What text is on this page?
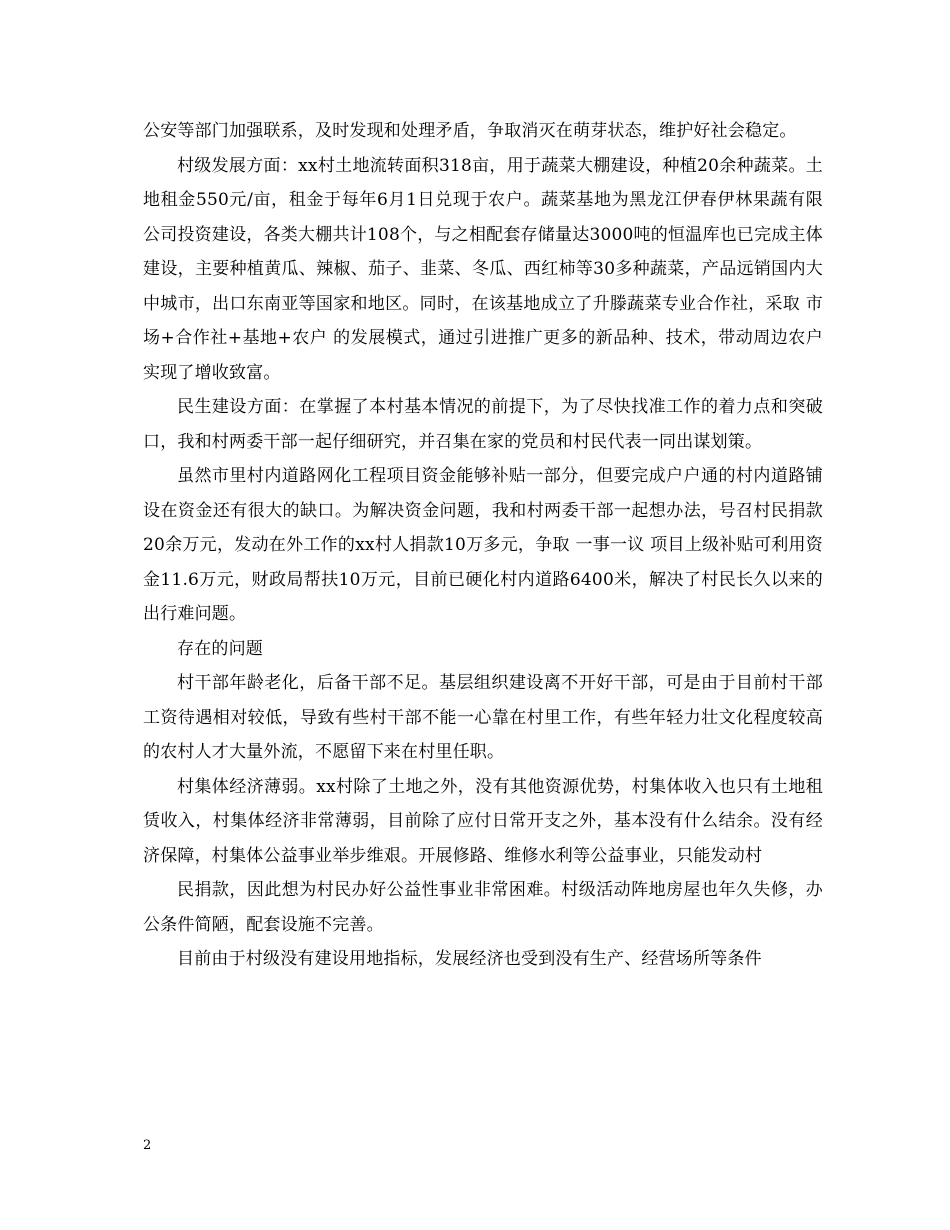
公安等部门加强联系，及时发现和处理矛盾，争取消灭在萌芽状态，维护好社会稳定。

村级发展方面：xx村土地流转面积318亩，用于蔬菜大棚建设，种植20余种蔬菜。土地租金550元/亩，租金于每年6月1日兑现于农户。蔬菜基地为黑龙江伊春伊林果蔬有限公司投资建设，各类大棚共计108个，与之相配套存储量达3000吨的恒温库也已完成主体建设，主要种植黄瓜、辣椒、茄子、韭菜、冬瓜、西红柿等30多种蔬菜，产品远销国内大中城市，出口东南亚等国家和地区。同时，在该基地成立了升滕蔬菜专业合作社，采取 市场+合作社+基地+农户 的发展模式，通过引进推广更多的新品种、技术，带动周边农户实现了增收致富。

民生建设方面：在掌握了本村基本情况的前提下，为了尽快找准工作的着力点和突破口，我和村两委干部一起仔细研究，并召集在家的党员和村民代表一同出谋划策。

虽然市里村内道路网化工程项目资金能够补贴一部分，但要完成户户通的村内道路铺设在资金还有很大的缺口。为解决资金问题，我和村两委干部一起想办法，号召村民捐款20余万元，发动在外工作的xx村人捐款10万多元，争取 一事一议 项目上级补贴可利用资金11.6万元，财政局帮扶10万元，目前已硬化村内道路6400米，解决了村民长久以来的出行难问题。

存在的问题

村干部年龄老化，后备干部不足。基层组织建设离不开好干部，可是由于目前村干部工资待遇相对较低，导致有些村干部不能一心靠在村里工作，有些年轻力壮文化程度较高的农村人才大量外流，不愿留下来在村里任职。

村集体经济薄弱。xx村除了土地之外，没有其他资源优势，村集体收入也只有土地租赁收入，村集体经济非常薄弱，目前除了应付日常开支之外，基本没有什么结余。没有经济保障，村集体公益事业举步维艰。开展修路、维修水利等公益事业，只能发动村

民捐款，因此想为村民办好公益性事业非常困难。村级活动阵地房屋也年久失修，办公条件简陋，配套设施不完善。

目前由于村级没有建设用地指标，发展经济也受到没有生产、经营场所等条件

2
